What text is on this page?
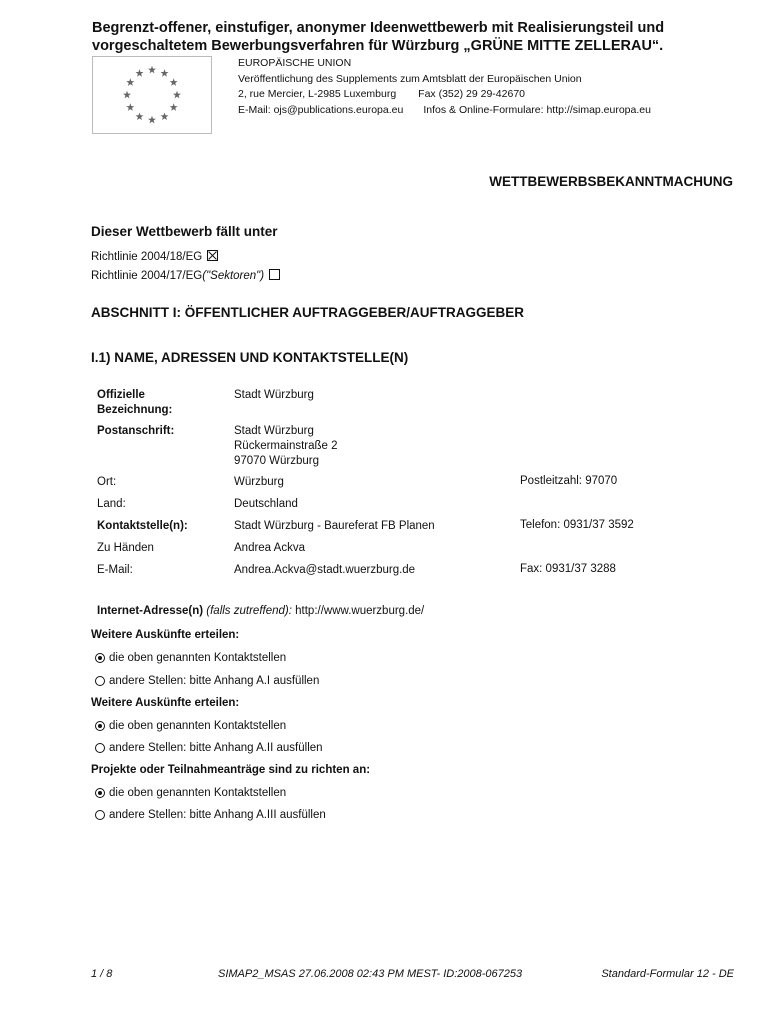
Begrenzt-offener, einstufiger, anonymer Ideenwettbewerb mit Realisierungsteil und
vorgeschaltetem Bewerbungsverfahren für Würzburg „GRÜNE MITTE ZELLERAU“.
EUROPÄISCHE UNION
Veröffentlichung des Supplements zum Amtsblatt der Europäischen Union
2, rue Mercier, L-2985 Luxemburg Fax (352) 29 29-42670
E-Mail: ojs@publications.europa.eu Infos & Online-Formulare: http://simap.europa.eu
WETTBEWERBSBEKANNTMACHUNG
Dieser Wettbewerb fällt unter
Richtlinie 2004/18/EG
Richtlinie 2004/17/EG("Sektoren")
ABSCHNITT I: ÖFFENTLICHER AUFTRAGGEBER/AUFTRAGGEBER
I.1) NAME, ADRESSEN UND KONTAKTSTELLE(N)
Offizielle
Bezeichnung:
Stadt Würzburg
Postanschrift:	Stadt Würzburg
Rückermainstraße 2
97070 Würzburg
Ort:	Würzburg	Postleitzahl: 97070
Land:	Deutschland
Kontaktstelle(n):	Stadt Würzburg - Baureferat FB Planen	Telefon: 0931/37 3592
Zu Händen	Andrea Ackva
E-Mail:	Andrea.Ackva@stadt.wuerzburg.de	Fax: 0931/37 3288
Internet-Adresse(n) (falls zutreffend): http://www.wuerzburg.de/
Weitere Auskünfte erteilen:
die oben genannten Kontaktstellen
andere Stellen: bitte Anhang A.I ausfüllen
Weitere Auskünfte erteilen:
die oben genannten Kontaktstellen
andere Stellen: bitte Anhang A.II ausfüllen
Projekte oder Teilnahmeanträge sind zu richten an:
die oben genannten Kontaktstellen
andere Stellen: bitte Anhang A.III ausfüllen
1 / 8	SIMAP2_MSAS 27.06.2008 02:43 PM MEST- ID:2008-067253	Standard-Formular 12 - DE
